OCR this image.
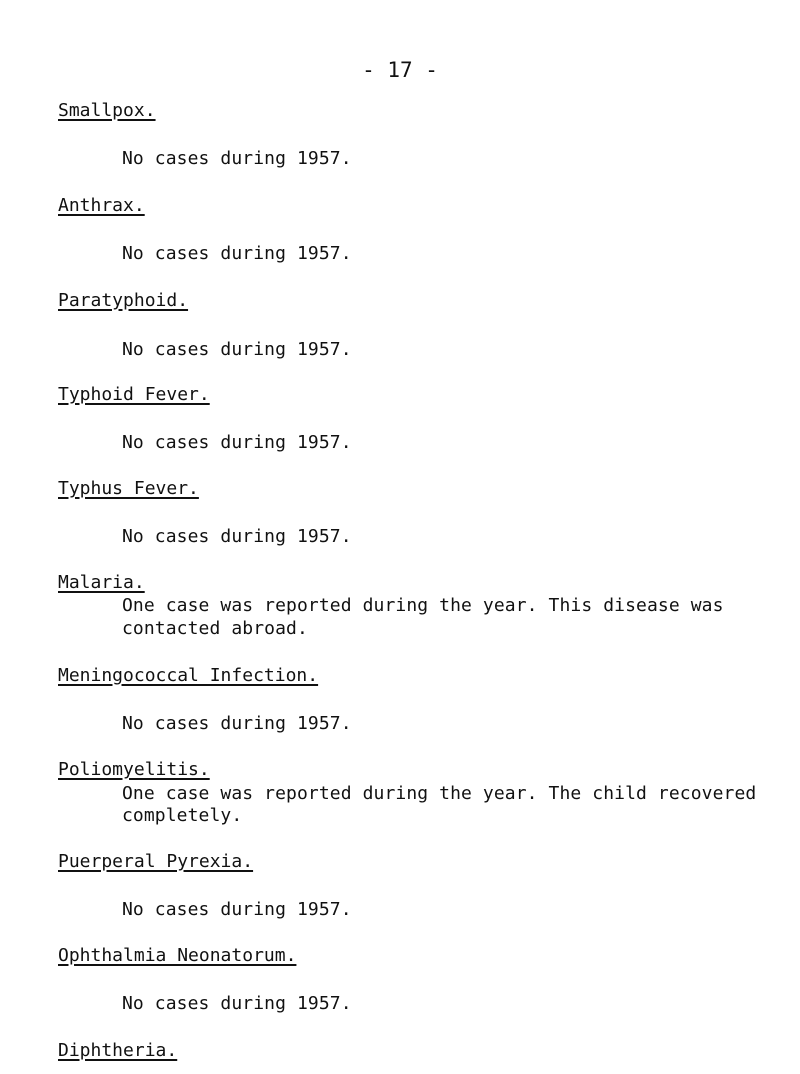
- 17 -
Smallpox.
No cases during 1957.
Anthrax.
No cases during 1957.
Paratyphoid.
No cases during 1957.
Typhoid Fever.
No cases during 1957.
Typhus Fever.
No cases during 1957.
Malaria.
One case was reported during the year. This disease was
contacted abroad.
Meningococcal Infection.
No cases during 1957.
Poliomyelitis.
One case was reported during the year. The child recovered
completely.
Puerperal Pyrexia.
No cases during 1957.
Ophthalmia Neonatorum.
No cases during 1957.
Diphtheria.
